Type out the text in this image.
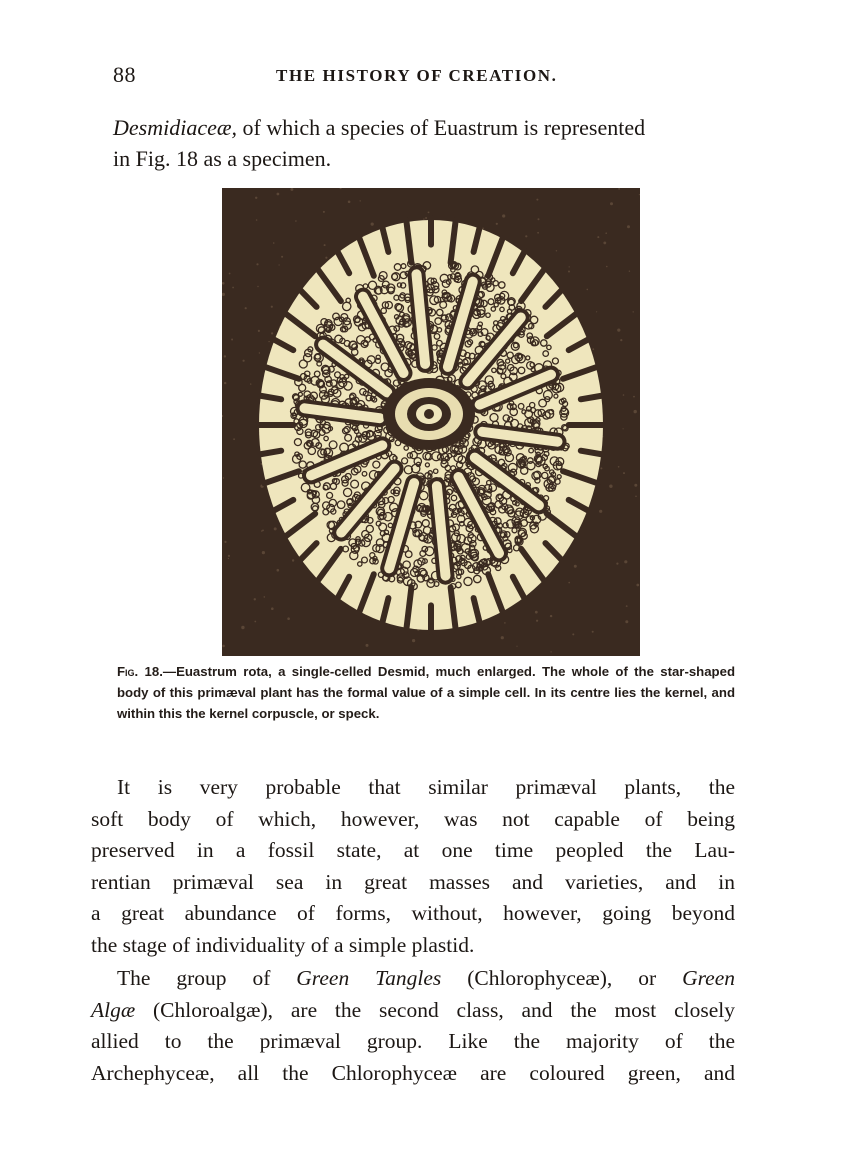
88	THE HISTORY OF CREATION.
Desmidiaceæ, of which a species of Euastrum is represented
in Fig. 18 as a specimen.
Fig. 18.—Euastrum rota, a single-celled Desmid, much enlarged. The whole of the star-shaped body of this primæval plant has the formal value of a simple cell. In its centre lies the kernel, and within this the kernel corpuscle, or speck.

It is very probable that similar primæval plants, the
soft body of which, however, was not capable of being
preserved in a fossil state, at one time peopled the Lau-
rentian primæval sea in great masses and varieties, and in
a great abundance of forms, without, however, going beyond
the stage of individuality of a simple plastid.

The group of Green Tangles (Chlorophyceæ), or Green
Algæ (Chloroalgæ), are the second class, and the most closely
allied to the primæval group. Like the majority of the
Archephyceæ, all the Chlorophyceæ are coloured green, and
